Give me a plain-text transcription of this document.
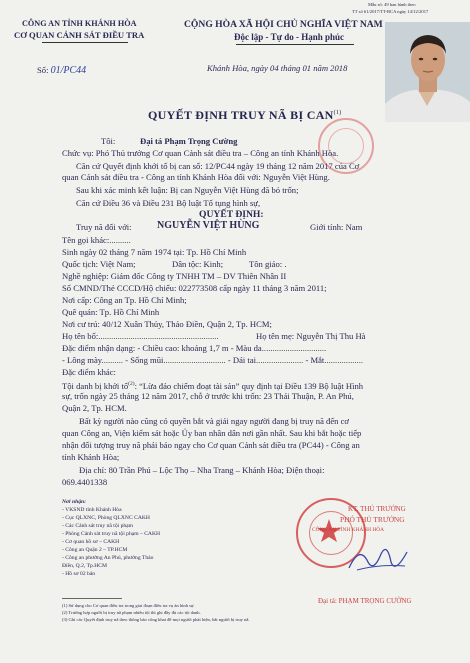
Mẫu số: 49 ban hành theo
TT số 61/2017/TT-BCA ngày 14/12/2017
CÔNG AN TỈNH KHÁNH HÒA
CƠ QUAN CẢNH SÁT ĐIỀU TRA
Số: 01/PC44
CỘNG HÒA XÃ HỘI CHỦ NGHĨA VIỆT NAM
Độc lập - Tự do - Hạnh phúc
Khánh Hòa, ngày 04 tháng 01 năm 2018
QUYẾT ĐỊNH TRUY NÃ BỊ CAN$^{(1)}$
Tôi:	Đại tá Phạm Trọng Cường
Chức vụ: Phó Thủ trưởng Cơ quan Cảnh sát điều tra – Công an tỉnh Khánh Hòa.
Căn cứ Quyết định khởi tố bị can số: 12/PC44 ngày 19 tháng 12 năm 2017 của Cơ
quan Cảnh sát điều tra - Công an tỉnh Khánh Hòa đối với: Nguyễn Việt Hùng.
Sau khi xác minh kết luận: Bị can Nguyễn Việt Hùng đã bỏ trốn;
Căn cứ Điều 36 và Điều 231 Bộ luật Tố tụng hình sự,
QUYẾT ĐỊNH:
Truy nã đối với:	NGUYỄN VIỆT HÙNG	Giới tính: Nam
Tên gọi khác:..........
Sinh ngày 02 tháng 7 năm 1974 tại: Tp. Hồ Chí Minh
Quốc tịch: Việt Nam;	Dân tộc: Kinh;	Tôn giáo: .
Nghề nghiệp: Giám đốc Công ty TNHH TM – DV Thiên Nhân II
Số CMND/Thẻ CCCD/Hộ chiếu: 022773508 cấp ngày 11 tháng 3 năm 2011;
Nơi cấp: Công an Tp. Hồ Chí Minh;
Quê quán: Tp. Hồ Chí Minh
Nơi cư trú: 40/12 Xuân Thủy, Thảo Điền, Quận 2, Tp. HCM;
Họ tên bố:........................................................	Họ tên mẹ: Nguyễn Thị Thu Hà
Đặc điểm nhận dạng: - Chiều cao: khoảng 1,7 m - Màu da..............................
- Lông mày.......... - Sống mũi............................. - Dái tai...................... - Mắt..................
Đặc điểm khác:
Tội danh bị khởi tố$^{(2)}$: “Lừa đảo chiếm đoạt tài sản” quy định tại Điều 139 Bộ luật Hình
sự, trốn ngày 25 tháng 12 năm 2017, chỗ ở trước khi trốn: 23 Thái Thuận, P. An Phú,
Quận 2, Tp. HCM.
Bất kỳ người nào cũng có quyền bắt và giải ngay người đang bị truy nã đến cơ
quan Công an, Viện kiểm sát hoặc Ủy ban nhân dân nơi gần nhất. Sau khi bắt hoặc tiếp
nhận đối tượng truy nã phải báo ngay cho Cơ quan Cảnh sát điều tra (PC44) - Công an
tỉnh Khánh Hòa;
Địa chỉ: 80 Trần Phú – Lộc Thọ – Nha Trang – Khánh Hòa; Điện thoại:
069.4401338
KT. THỦ TRƯỞNG
PHÓ THỦ TRƯỞNG
CÔNG AN TỈNH KHÁNH HÒA
Đại tá: PHẠM TRỌNG CƯỜNG
Nơi nhận:
- VKSND tỉnh Khánh Hòa
- Cục QLXNC, Phòng QLXNC CAKH
- Các Cảnh sát truy nã tội phạm
- Phòng Cảnh sát truy nã tội phạm – CAKH
- Cơ quan hồ sơ – CAKH
- Công an Quận 2 – TP.HCM
- Công an phường An Phú, phường Thảo
Điền, Q.2, Tp.HCM
- Hồ sơ 02 bản
(1) Sử dụng cho Cơ quan điều tra trong giai đoạn điều tra vụ án hình sự.
(2) Trường hợp người bị truy nã phạm nhiều tội thì ghi đầy đủ các tội danh.
(3) Ghi các Quyết định truy nã theo thông báo công khai để mọi người phát hiện, bắt người bị truy nã.
